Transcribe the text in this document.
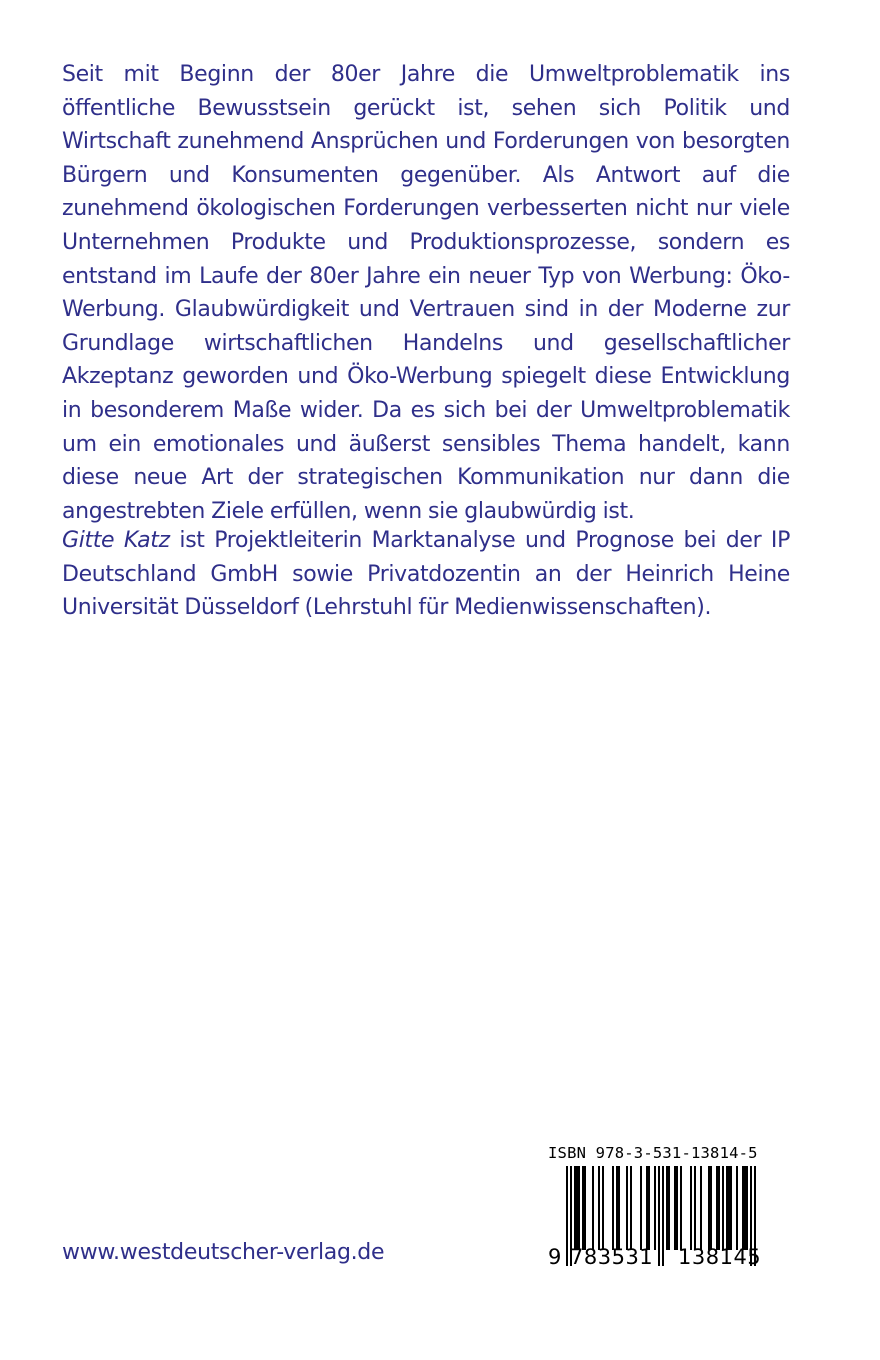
Seit mit Beginn der 80er Jahre die Umweltproblematik ins öffentliche Bewusstsein gerückt ist, sehen sich Politik und Wirtschaft zunehmend Ansprüchen und Forderungen von besorgten Bürgern und Konsumenten gegenüber. Als Antwort auf die zunehmend ökologischen Forderungen verbesserten nicht nur viele Unternehmen Produkte und Produktionsprozesse, sondern es entstand im Laufe der 80er Jahre ein neuer Typ von Werbung: Öko-Werbung. Glaubwürdigkeit und Vertrauen sind in der Moderne zur Grundlage wirtschaftlichen Handelns und gesellschaftlicher Akzeptanz geworden und Öko-Werbung spiegelt diese Entwicklung in besonderem Maße wider. Da es sich bei der Umweltproblematik um ein emotionales und äußerst sensibles Thema handelt, kann diese neue Art der strategischen Kommunikation nur dann die angestrebten Ziele erfüllen, wenn sie glaubwürdig ist.

Gitte Katz ist Projektleiterin Marktanalyse und Prognose bei der IP Deutschland GmbH sowie Privatdozentin an der Heinrich Heine Universität Düsseldorf (Lehrstuhl für Medienwissenschaften).

www.westdeutscher-verlag.de
ISBN 978-3-531-13814-5
9 783531 138145
